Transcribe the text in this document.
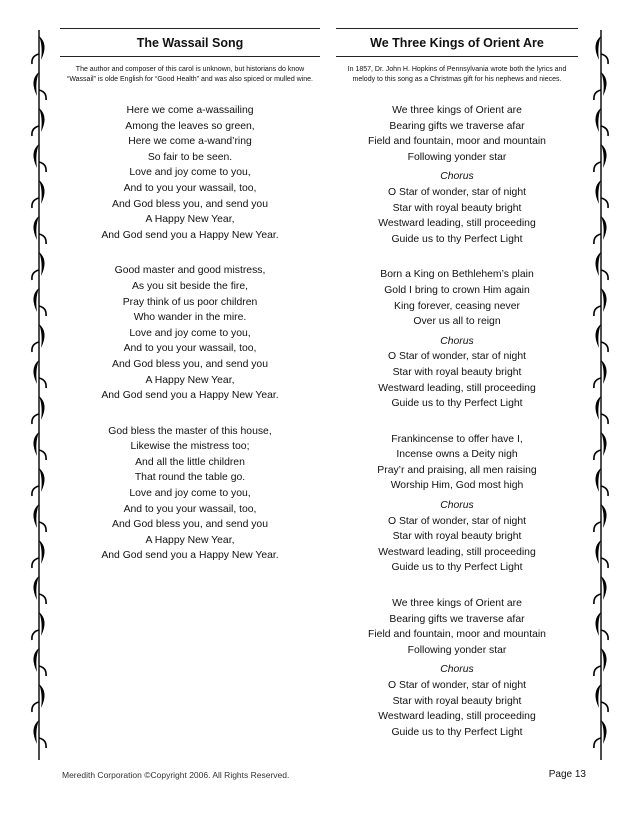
The Wassail Song
The author and composer of this carol is unknown, but historians do know “Wassail” is olde English for “Good Health” and was also spiced or mulled wine.
Here we come a-wassailing
Among the leaves so green,
Here we come a-wand’ring
So fair to be seen.
Love and joy come to you,
And to you your wassail, too,
And God bless you, and send you
A Happy New Year,
And God send you a Happy New Year.
Good master and good mistress,
As you sit beside the fire,
Pray think of us poor children
Who wander in the mire.
Love and joy come to you,
And to you your wassail, too,
And God bless you, and send you
A Happy New Year,
And God send you a Happy New Year.
God bless the master of this house,
Likewise the mistress too;
And all the little children
That round the table go.
Love and joy come to you,
And to you your wassail, too,
And God bless you, and send you
A Happy New Year,
And God send you a Happy New Year.
We Three Kings of Orient Are
In 1857, Dr. John H. Hopkins of Pennsylvania wrote both the lyrics and melody to this song as a Christmas gift for his nephews and nieces.
We three kings of Orient are
Bearing gifts we traverse afar
Field and fountain, moor and mountain
Following yonder star
Chorus
O Star of wonder, star of night
Star with royal beauty bright
Westward leading, still proceeding
Guide us to thy Perfect Light
Born a King on Bethlehem’s plain
Gold I bring to crown Him again
King forever, ceasing never
Over us all to reign
Chorus
O Star of wonder, star of night
Star with royal beauty bright
Westward leading, still proceeding
Guide us to thy Perfect Light
Frankincense to offer have I,
Incense owns a Deity nigh
Pray’r and praising, all men raising
Worship Him, God most high
Chorus
O Star of wonder, star of night
Star with royal beauty bright
Westward leading, still proceeding
Guide us to thy Perfect Light
We three kings of Orient are
Bearing gifts we traverse afar
Field and fountain, moor and mountain
Following yonder star
Chorus
O Star of wonder, star of night
Star with royal beauty bright
Westward leading, still proceeding
Guide us to thy Perfect Light
Meredith Corporation ©Copyright 2006. All Rights Reserved.	Page 13
